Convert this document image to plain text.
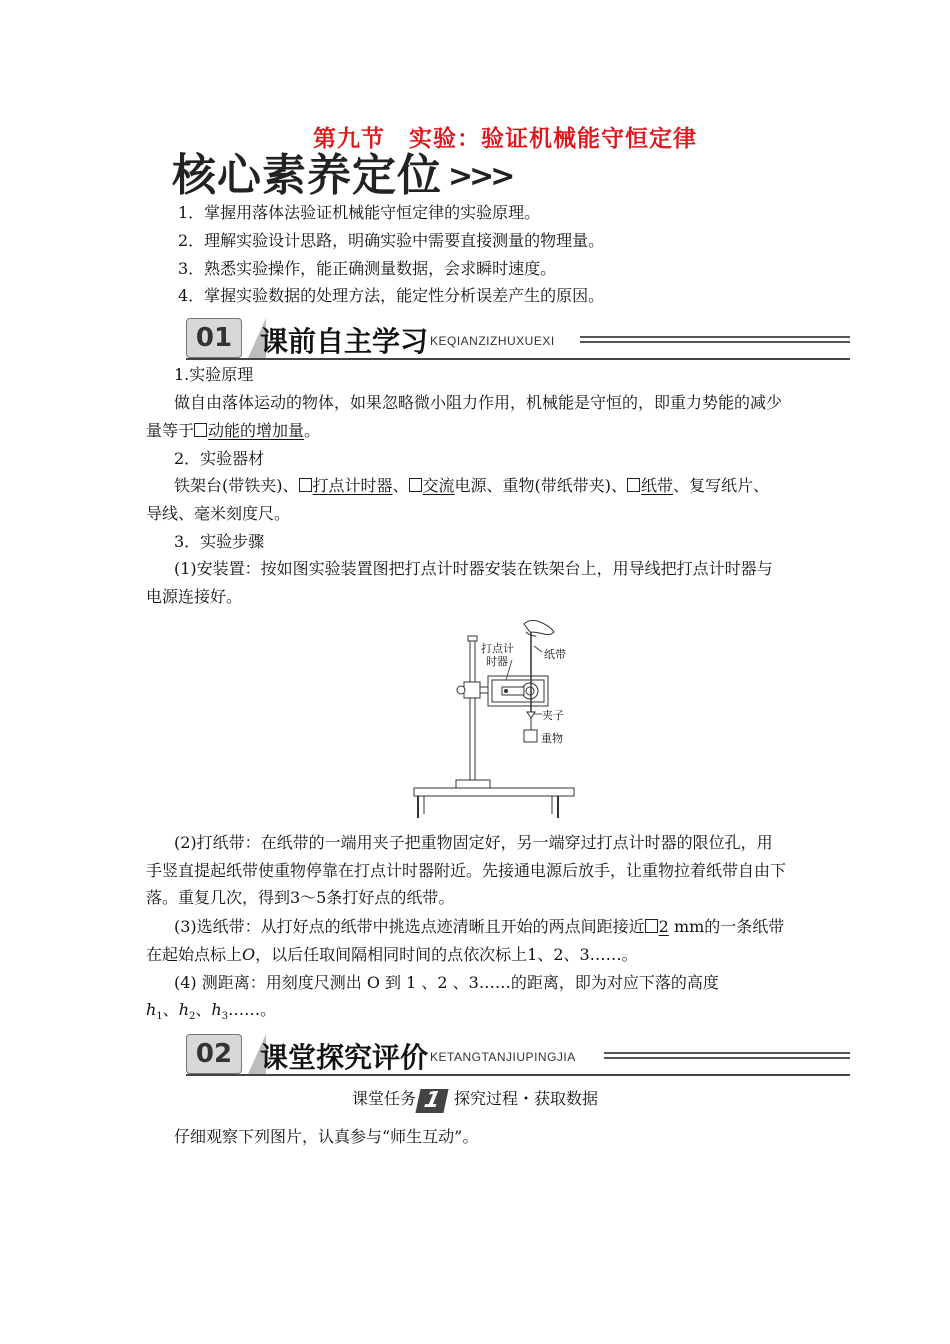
第九节　实验：验证机械能守恒定律
核心素养定位 >>>
1．掌握用落体法验证机械能守恒定律的实验原理。
2．理解实验设计思路，明确实验中需要直接测量的物理量。
3．熟悉实验操作，能正确测量数据，会求瞬时速度。
4．掌握实验数据的处理方法，能定性分析误差产生的原因。
01 课前自主学习 KEQIANZIZHUXUEXI
1.实验原理
做自由落体运动的物体，如果忽略微小阻力作用，机械能是守恒的，即重力势能的减少
量等于 动能的增加量。
2．实验器材
铁架台(带铁夹)、 打点计时器、 交流电源、重物(带纸带夹)、 纸带、复写纸片、
导线、毫米刻度尺。
3．实验步骤
(1)安装置：按如图实验装置图把打点计时器安装在铁架台上，用导线把打点计时器与
电源连接好。
打点计
时器
纸带
夹子
重物
(2)打纸带：在纸带的一端用夹子把重物固定好，另一端穿过打点计时器的限位孔，用
手竖直提起纸带使重物停靠在打点计时器附近。先接通电源后放手，让重物拉着纸带自由下
落。重复几次，得到3～5条打好点的纸带。
(3)选纸带：从打好点的纸带中挑选点迹清晰且开始的两点间距接近 2 mm的一条纸带
在起始点标上O，以后任取间隔相同时间的点依次标上1、2、3……。
(4) 测距离：用刻度尺测出 O 到 1 、2 、3……的距离，即为对应下落的高度
$h_1$、$h_2$、$h_3\dots\dots$。
02 课堂探究评价 KETANGTANJIUPINGJIA
课堂任务 1 探究过程・获取数据
仔细观察下列图片，认真参与“师生互动”。
